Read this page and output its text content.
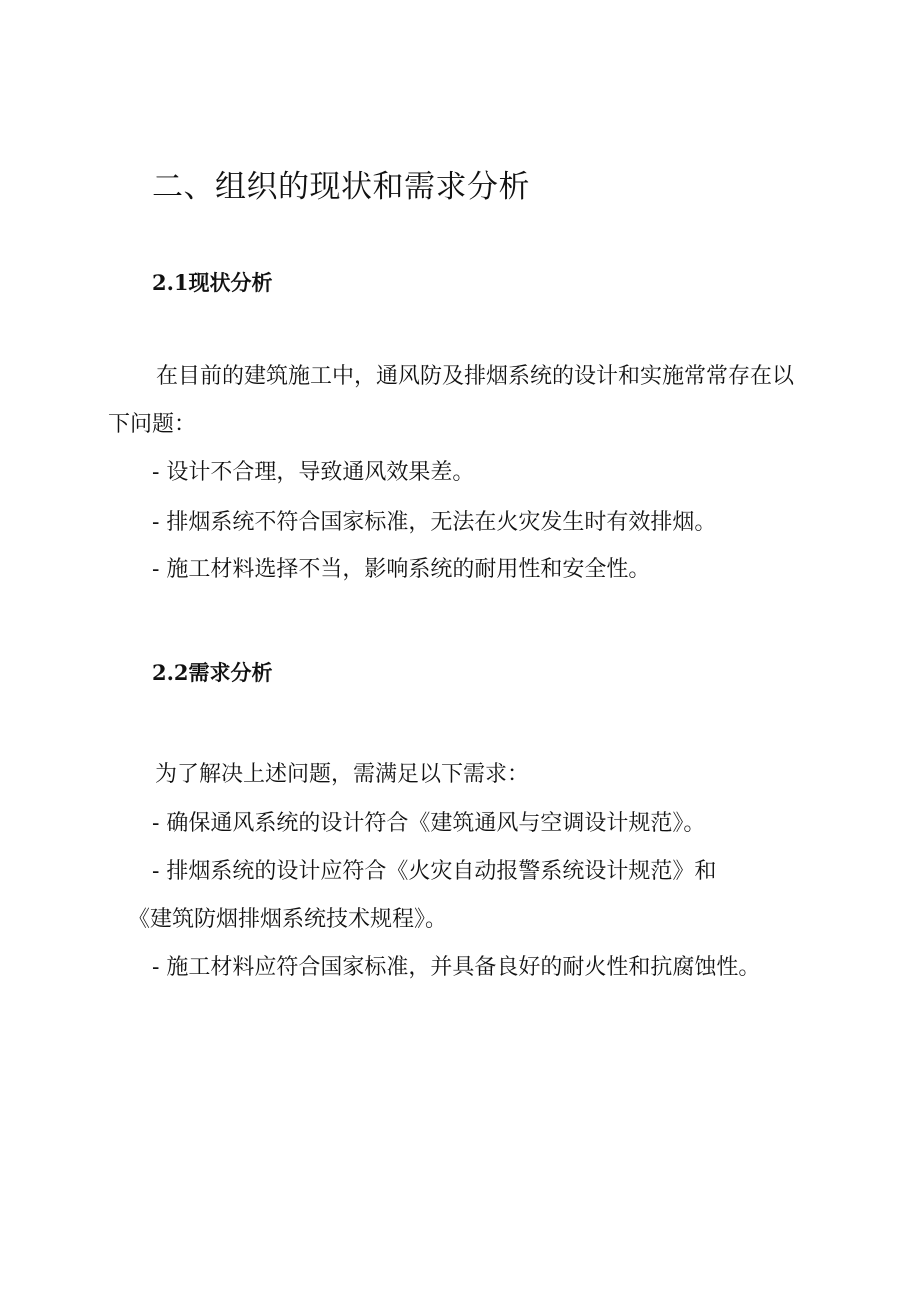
二、组织的现状和需求分析
2.1现状分析

在目前的建筑施工中，通风防及排烟系统的设计和实施常常存在以下问题：

- 设计不合理，导致通风效果差。

- 排烟系统不符合国家标准，无法在火灾发生时有效排烟。

- 施工材料选择不当，影响系统的耐用性和安全性。

2.2需求分析

为了解决上述问题，需满足以下需求：

- 确保通风系统的设计符合《建筑通风与空调设计规范》。

- 排烟系统的设计应符合《火灾自动报警系统设计规范》和

《建筑防烟排烟系统技术规程》。

- 施工材料应符合国家标准，并具备良好的耐火性和抗腐蚀性。
